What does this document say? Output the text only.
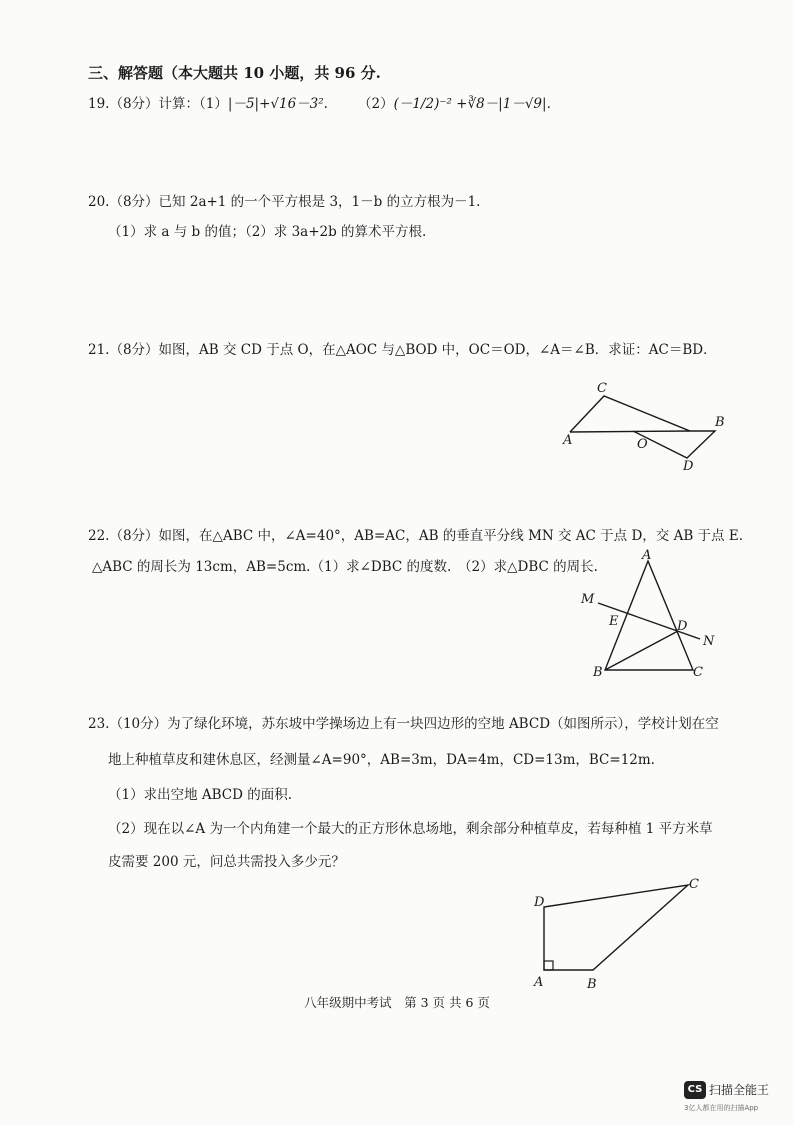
三、解答题（本大题共 10 小题，共 96 分.
19.（8分）计算：（1）|－5|+√16－3². （2）(－1/2)⁻² +∛8－|1－√9|.
20.（8分）已知 2a+1 的一个平方根是 3，1－b 的立方根为－1.
（1）求 a 与 b 的值；（2）求 3a+2b 的算术平方根.
21.（8分）如图，AB 交 CD 于点 O，在△AOC 与△BOD 中，OC＝OD，∠A＝∠B．求证：AC＝BD．
A
C
B
O
D
22.（8分）如图，在△ABC 中，∠A=40°，AB=AC，AB 的垂直平分线 MN 交 AC 于点 D，交 AB 于点 E.
△ABC 的周长为 13cm，AB=5cm.（1）求∠DBC 的度数.　（2）求△DBC 的周长.
A
M
E	D
N
B	C
23.（10分）为了绿化环境，苏东坡中学操场边上有一块四边形的空地 ABCD（如图所示），学校计划在空
地上种植草皮和建休息区，经测量∠A=90°，AB=3m，DA=4m，CD=13m，BC=12m.
（1）求出空地 ABCD 的面积.
（2）现在以∠A 为一个内角建一个最大的正方形休息场地，剩余部分种植草皮，若每种植 1 平方米草
皮需要 200 元，问总共需投入多少元？
D
C
A	B
八年级期中考试　第 3 页 共 6 页
CS 扫描全能王
3亿人都在用的扫描App
